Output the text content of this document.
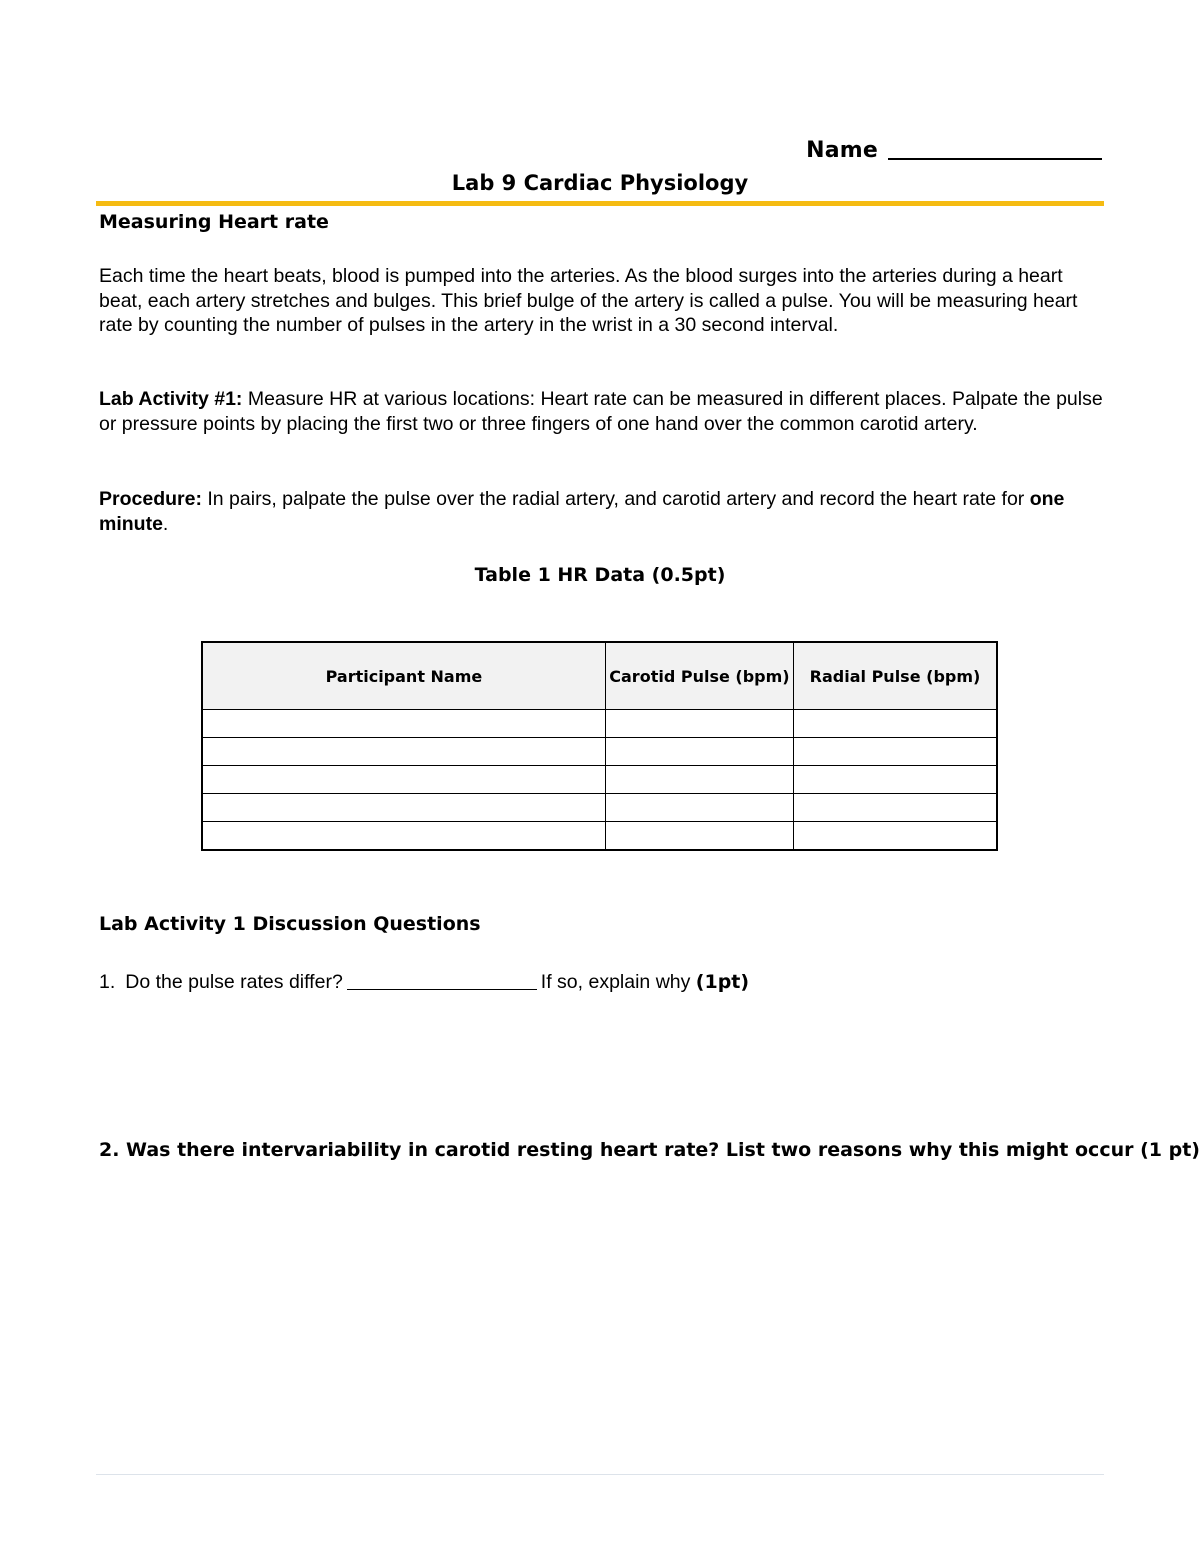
Name
Lab 9 Cardiac Physiology
Measuring Heart rate
Each time the heart beats, blood is pumped into the arteries. As the blood surges into the arteries during a heart beat, each artery stretches and bulges. This brief bulge of the artery is called a pulse. You will be measuring heart rate by counting the number of pulses in the artery in the wrist in a 30 second interval.
Lab Activity #1: Measure HR at various locations: Heart rate can be measured in different places. Palpate the pulse or pressure points by placing the first two or three fingers of one hand over the common carotid artery.
Procedure: In pairs, palpate the pulse over the radial artery, and carotid artery and record the heart rate for one minute.
Table 1 HR Data (0.5pt)
Participant Name	Carotid Pulse (bpm)	Radial Pulse (bpm)

Lab Activity 1 Discussion Questions
1. Do the pulse rates differ?	If so, explain why (1pt)
2. Was there intervariability in carotid resting heart rate? List two reasons why this might occur (1 pt)
